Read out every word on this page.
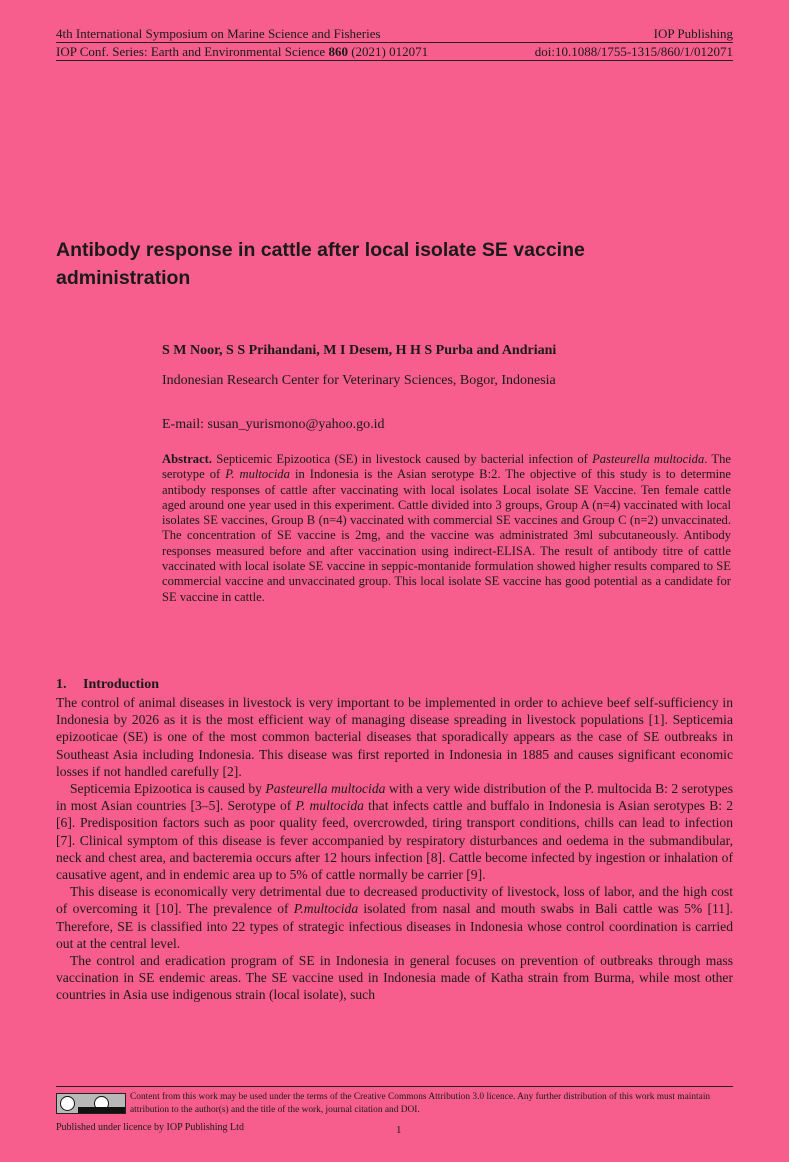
4th International Symposium on Marine Science and Fisheries	IOP Publishing
IOP Conf. Series: Earth and Environmental Science 860 (2021) 012071	doi:10.1088/1755-1315/860/1/012071
Antibody response in cattle after local isolate SE vaccine administration
S M Noor, S S Prihandani, M I Desem, H H S Purba and Andriani
Indonesian Research Center for Veterinary Sciences, Bogor, Indonesia
E-mail: susan_yurismono@yahoo.go.id

Abstract. Septicemic Epizootica (SE) in livestock caused by bacterial infection of Pasteurella multocida. The serotype of P. multocida in Indonesia is the Asian serotype B:2. The objective of this study is to determine antibody responses of cattle after vaccinating with local isolates Local isolate SE Vaccine. Ten female cattle aged around one year used in this experiment. Cattle divided into 3 groups, Group A (n=4) vaccinated with local isolates SE vaccines, Group B (n=4) vaccinated with commercial SE vaccines and Group C (n=2) unvaccinated. The concentration of SE vaccine is 2mg, and the vaccine was administrated 3ml subcutaneously. Antibody responses measured before and after vaccination using indirect-ELISA. The result of antibody titre of cattle vaccinated with local isolate SE vaccine in seppic-montanide formulation showed higher results compared to SE commercial vaccine and unvaccinated group. This local isolate SE vaccine has good potential as a candidate for SE vaccine in cattle.

1. Introduction

The control of animal diseases in livestock is very important to be implemented in order to achieve beef self-sufficiency in Indonesia by 2026 as it is the most efficient way of managing disease spreading in livestock populations [1]. Septicemia epizooticae (SE) is one of the most common bacterial diseases that sporadically appears as the case of SE outbreaks in Southeast Asia including Indonesia. This disease was first reported in Indonesia in 1885 and causes significant economic losses if not handled carefully [2].

Septicemia Epizootica is caused by Pasteurella multocida with a very wide distribution of the P. multocida B: 2 serotypes in most Asian countries [3–5]. Serotype of P. multocida that infects cattle and buffalo in Indonesia is Asian serotypes B: 2 [6]. Predisposition factors such as poor quality feed, overcrowded, tiring transport conditions, chills can lead to infection [7]. Clinical symptom of this disease is fever accompanied by respiratory disturbances and oedema in the submandibular, neck and chest area, and bacteremia occurs after 12 hours infection [8]. Cattle become infected by ingestion or inhalation of causative agent, and in endemic area up to 5% of cattle normally be carrier [9].

This disease is economically very detrimental due to decreased productivity of livestock, loss of labor, and the high cost of overcoming it [10]. The prevalence of P.multocida isolated from nasal and mouth swabs in Bali cattle was 5% [11]. Therefore, SE is classified into 22 types of strategic infectious diseases in Indonesia whose control coordination is carried out at the central level.

The control and eradication program of SE in Indonesia in general focuses on prevention of outbreaks through mass vaccination in SE endemic areas. The SE vaccine used in Indonesia made of Katha strain from Burma, while most other countries in Asia use indigenous strain (local isolate), such

Content from this work may be used under the terms of the Creative Commons Attribution 3.0 licence. Any further distribution of this work must maintain attribution to the author(s) and the title of the work, journal citation and DOI.
Published under licence by IOP Publishing Ltd	1
